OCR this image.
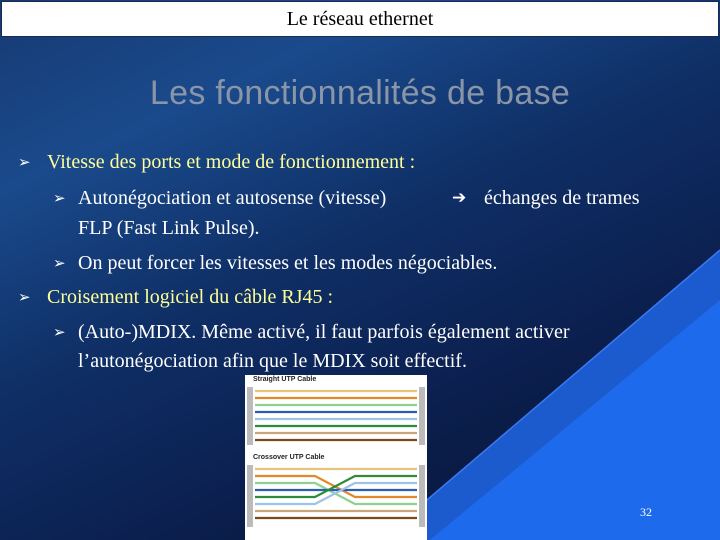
Le réseau ethernet
Les fonctionnalités de base
➢ Vitesse des ports et mode de fonctionnement :
➢ Autonégociation et autosense (vitesse)	➔ échanges de trames
FLP (Fast Link Pulse).
➢ On peut forcer les vitesses et les modes négociables.
➢ Croisement logiciel du câble RJ45 :
➢ (Auto-)MDIX. Même activé, il faut parfois également activer
l’autonégociation afin que le MDIX soit effectif.
Straight UTP Cable
Crossover UTP Cable
32
